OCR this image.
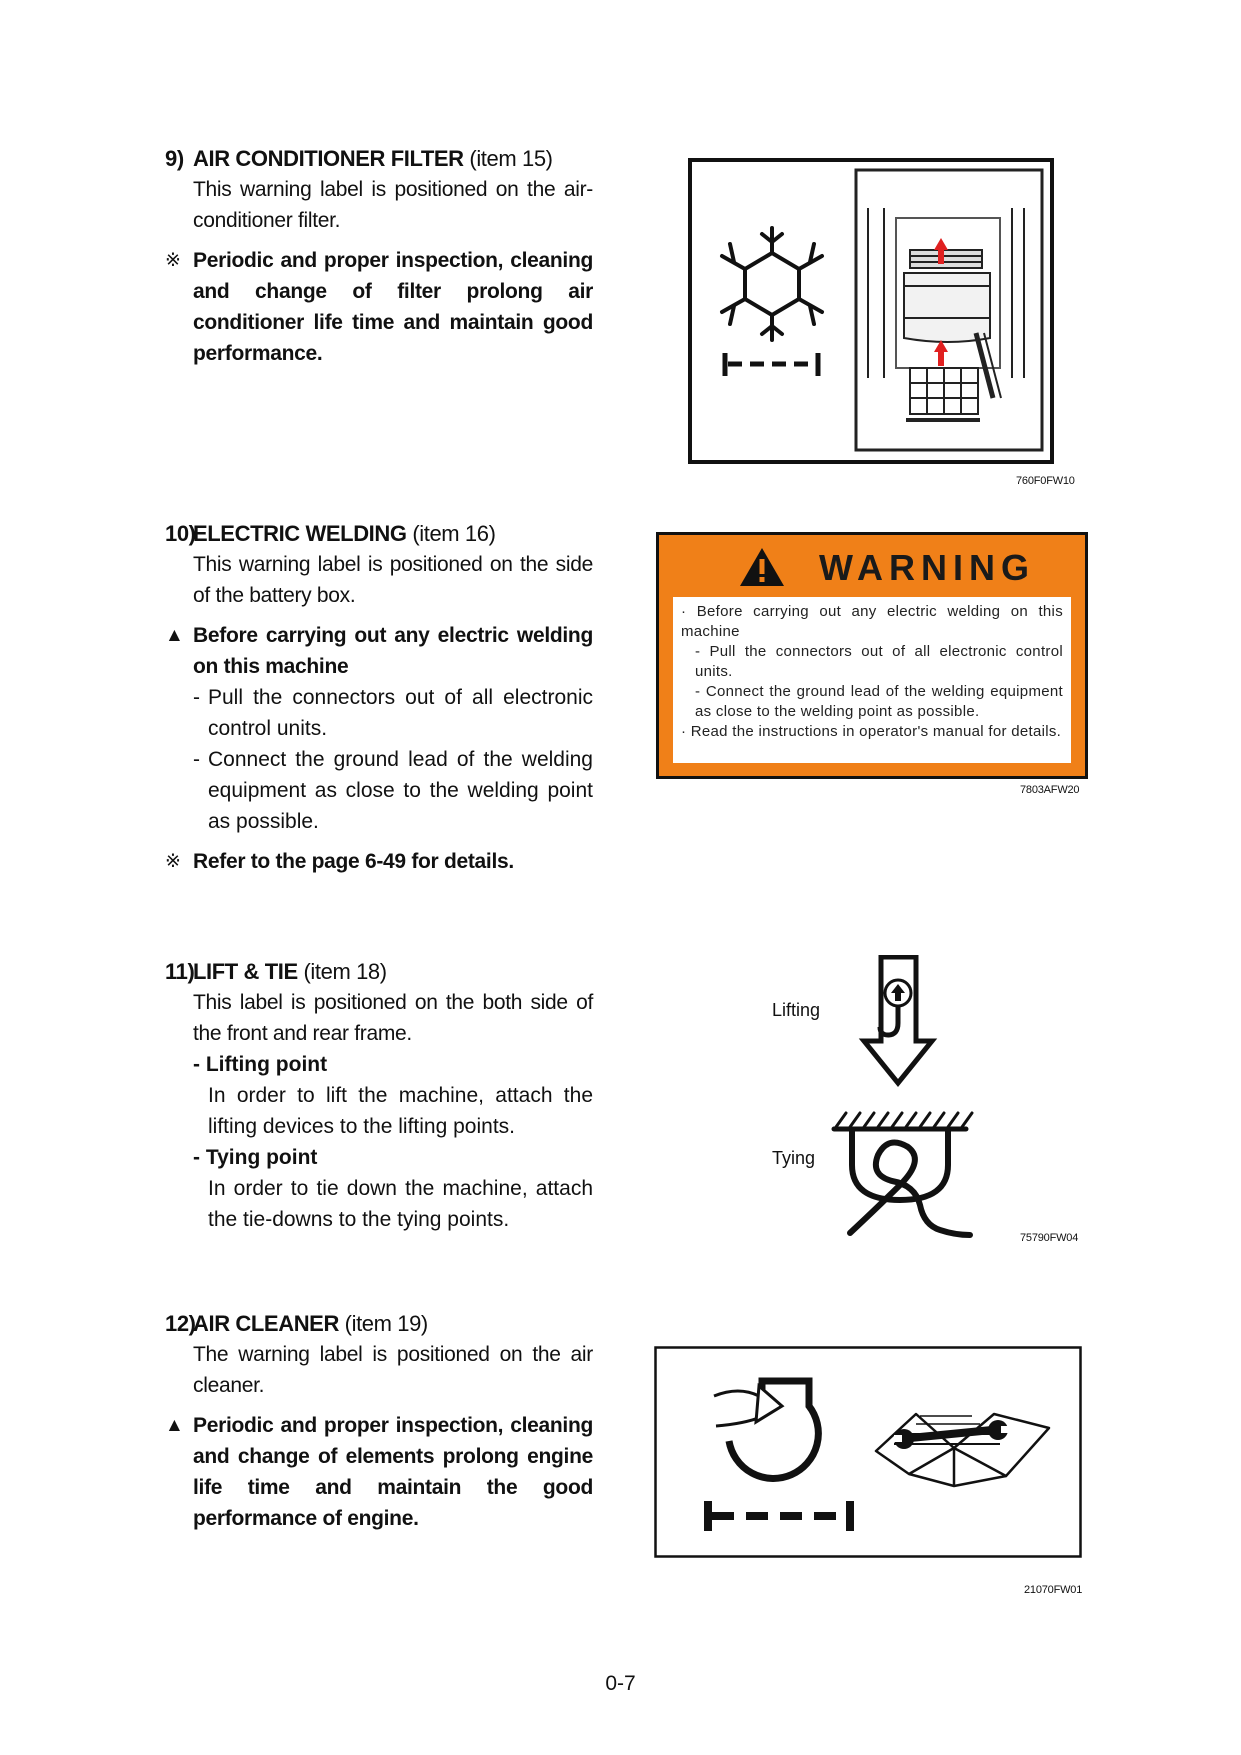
9) AIR CONDITIONER FILTER (item 15)
This warning label is positioned on the air-conditioner filter.
※ Periodic and proper inspection, cleaning and change of filter prolong air conditioner life time and maintain good performance.
760F0FW10
10)ELECTRIC WELDING (item 16)
This warning label is positioned on the side of the battery box.
▲ Before carrying out any electric welding on this machine
- Pull the connectors out of all electronic control units.
- Connect the ground lead of the welding equipment as close to the welding point as possible.
※ Refer to the page 6-49 for details.
WARNING
· Before carrying out any electric welding on this machine
- Pull the connectors out of all electronic control units.
- Connect the ground lead of the welding equipment as close to the welding point as possible.
· Read the instructions in operator's manual for details.
7803AFW20
11)LIFT & TIE (item 18)
This label is positioned on the both side of the front and rear frame.
- Lifting point
In order to lift the machine, attach the lifting devices to the lifting points.
- Tying point
In order to tie down the machine, attach the tie-downs to the tying points.
Lifting
Tying
75790FW04
12)AIR CLEANER (item 19)
The warning label is positioned on the air cleaner.
▲ Periodic and proper inspection, cleaning and change of elements prolong engine life time and maintain the good performance of engine.
21070FW01
0-7
